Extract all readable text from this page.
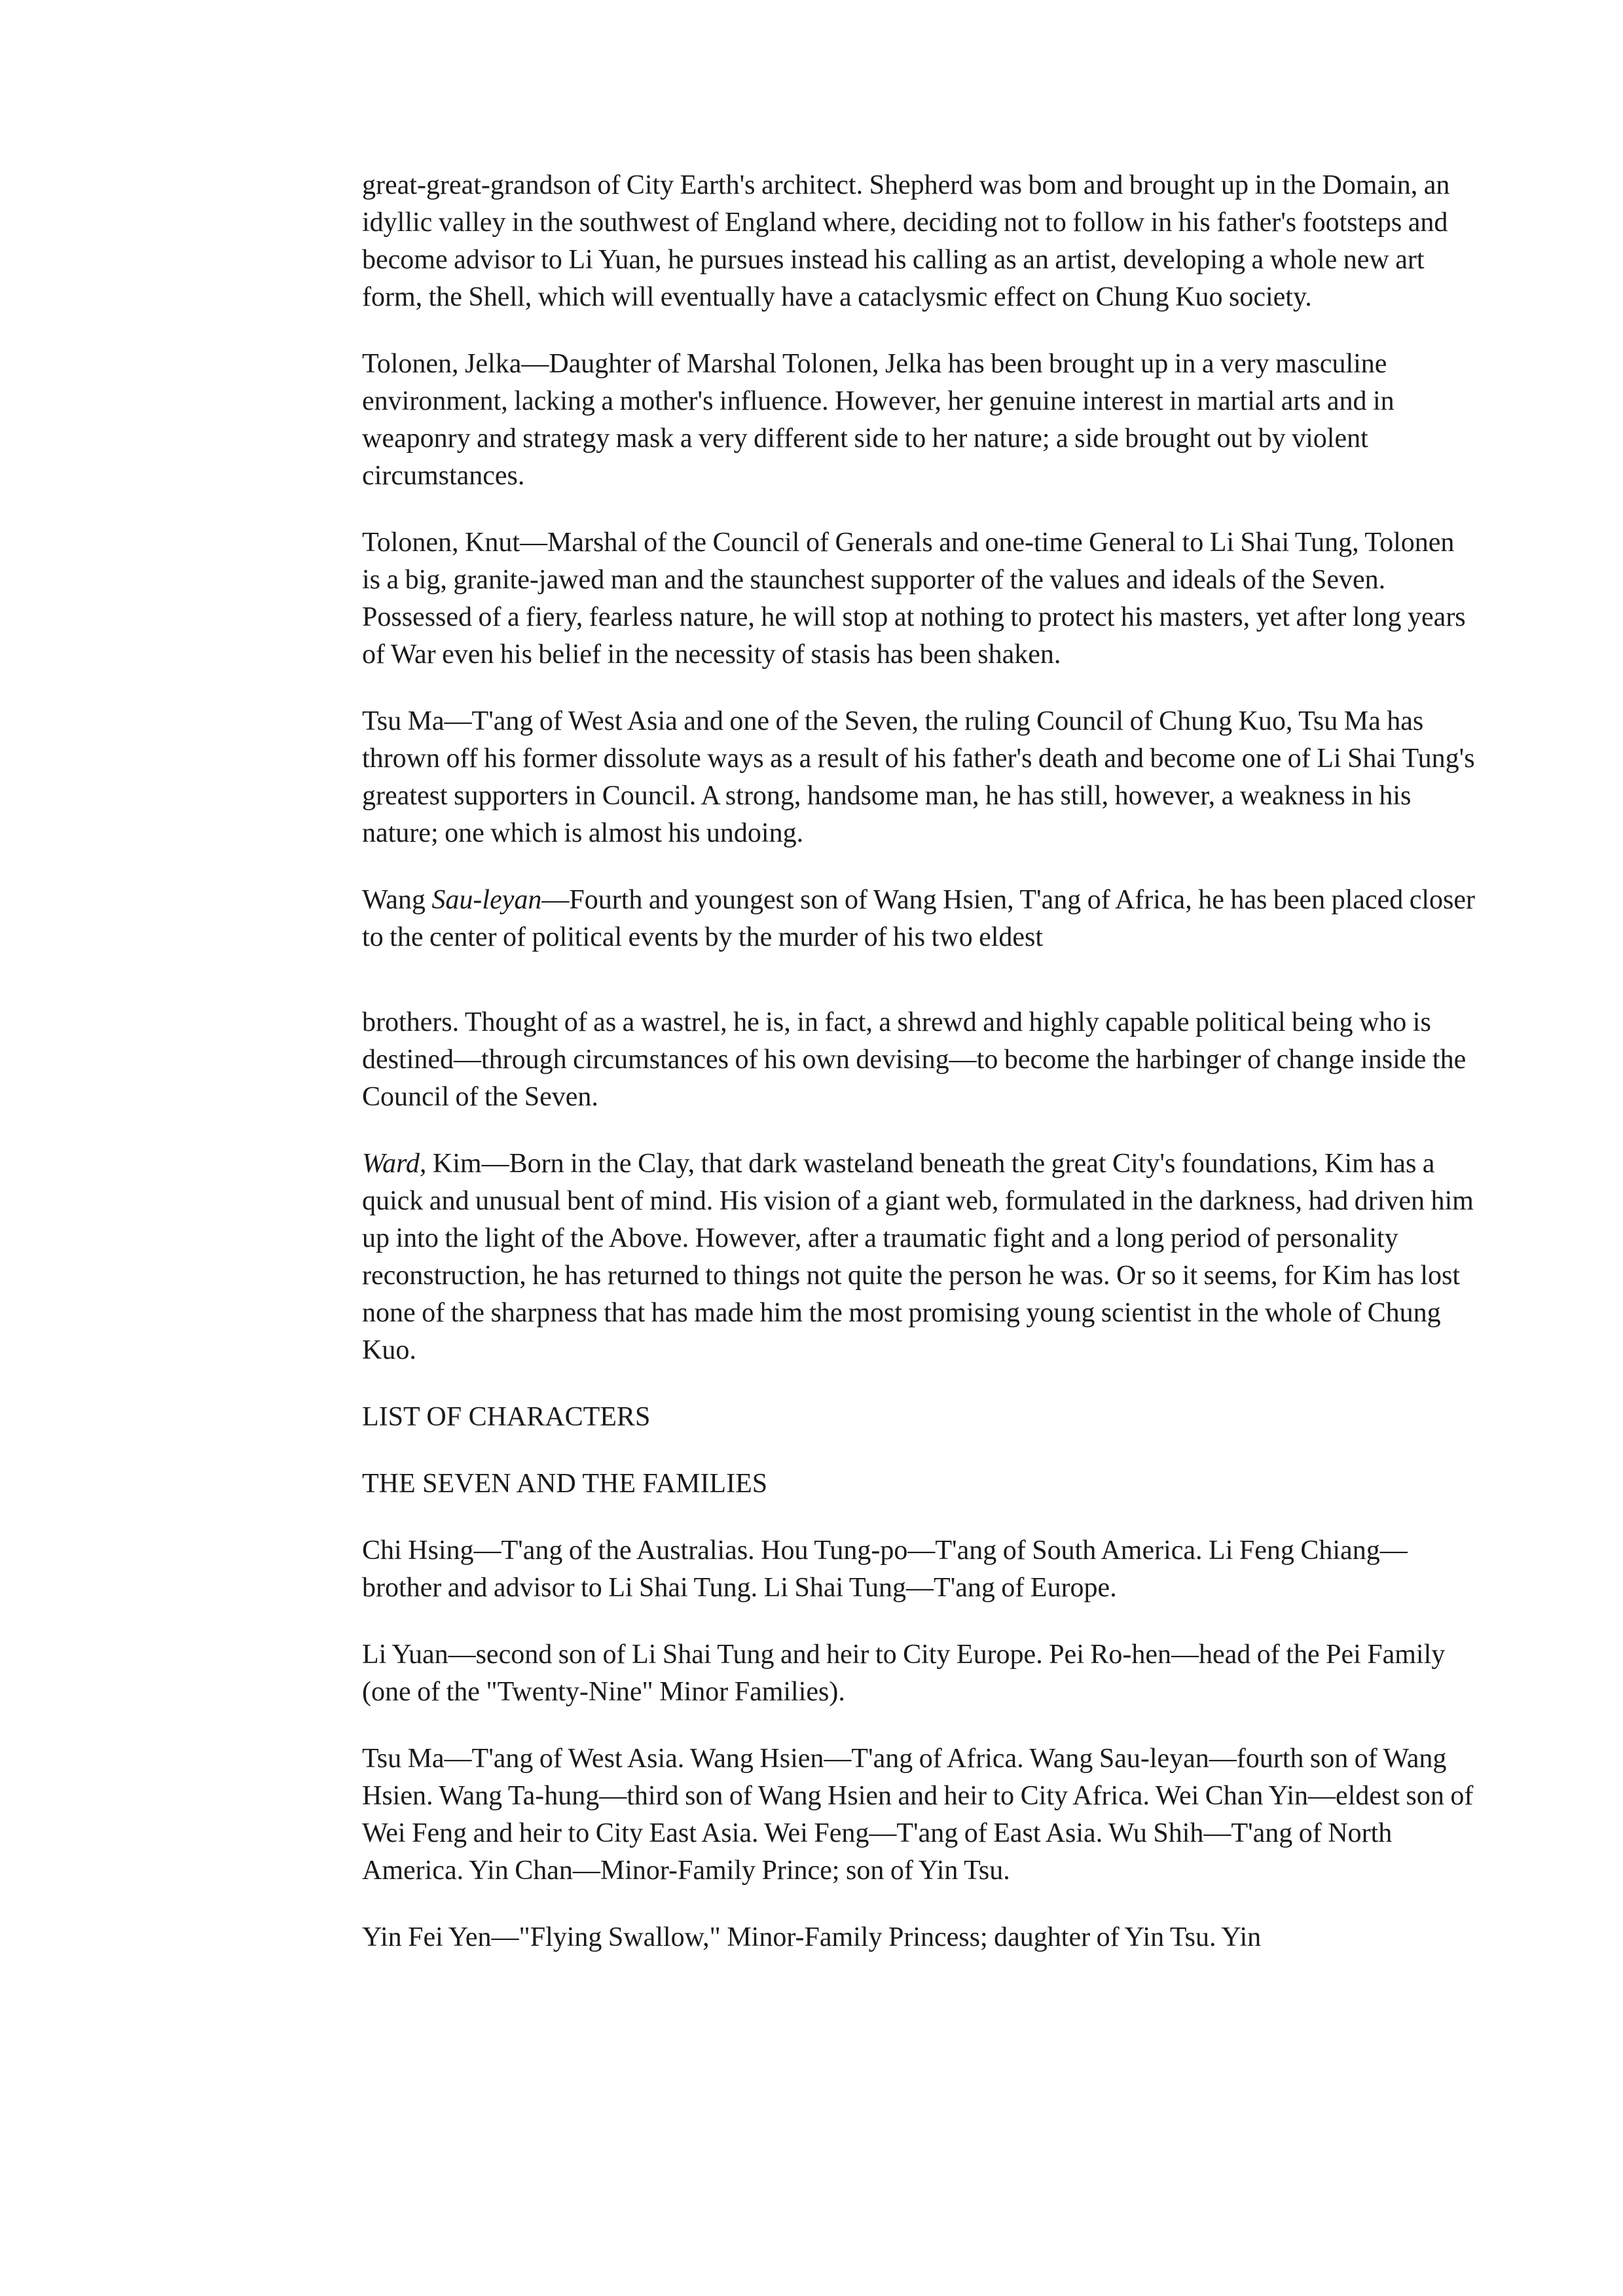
great-great-grandson of City Earth's architect. Shepherd was bom and brought up in the Domain, an idyllic valley in the southwest of England where, deciding not to follow in his father's footsteps and become advisor to Li Yuan, he pursues instead his calling as an artist, developing a whole new art form, the Shell, which will eventually have a cataclysmic effect on Chung Kuo society.

Tolonen, Jelka—Daughter of Marshal Tolonen, Jelka has been brought up in a very masculine environment, lacking a mother's influence. However, her genuine interest in martial arts and in weaponry and strategy mask a very different side to her nature; a side brought out by violent circumstances.

Tolonen, Knut—Marshal of the Council of Generals and one-time General to Li Shai Tung, Tolonen is a big, granite-jawed man and the staunchest supporter of the values and ideals of the Seven. Possessed of a fiery, fearless nature, he will stop at nothing to protect his masters, yet after long years of War even his belief in the necessity of stasis has been shaken.

Tsu Ma—T'ang of West Asia and one of the Seven, the ruling Council of Chung Kuo, Tsu Ma has thrown off his former dissolute ways as a result of his father's death and become one of Li Shai Tung's greatest supporters in Council. A strong, handsome man, he has still, however, a weakness in his nature; one which is almost his undoing.

Wang Sau-leyan—Fourth and youngest son of Wang Hsien, T'ang of Africa, he has been placed closer to the center of political events by the murder of his two eldest

brothers. Thought of as a wastrel, he is, in fact, a shrewd and highly capable political being who is destined—through circumstances of his own devising—to become the harbinger of change inside the Council of the Seven.

Ward, Kim—Born in the Clay, that dark wasteland beneath the great City's foundations, Kim has a quick and unusual bent of mind. His vision of a giant web, formulated in the darkness, had driven him up into the light of the Above. However, after a traumatic fight and a long period of personality reconstruction, he has returned to things not quite the person he was. Or so it seems, for Kim has lost none of the sharpness that has made him the most promising young scientist in the whole of Chung Kuo.

LIST OF CHARACTERS

THE SEVEN AND THE FAMILIES

Chi Hsing—T'ang of the Australias. Hou Tung-po—T'ang of South America. Li Feng Chiang—brother and advisor to Li Shai Tung. Li Shai Tung—T'ang of Europe.

Li Yuan—second son of Li Shai Tung and heir to City Europe. Pei Ro-hen—head of the Pei Family (one of the "Twenty-Nine" Minor Families).

Tsu Ma—T'ang of West Asia. Wang Hsien—T'ang of Africa. Wang Sau-leyan—fourth son of Wang Hsien. Wang Ta-hung—third son of Wang Hsien and heir to City Africa. Wei Chan Yin—eldest son of Wei Feng and heir to City East Asia. Wei Feng—T'ang of East Asia. Wu Shih—T'ang of North America. Yin Chan—Minor-Family Prince; son of Yin Tsu.

Yin Fei Yen—"Flying Swallow," Minor-Family Princess; daughter of Yin Tsu. Yin
